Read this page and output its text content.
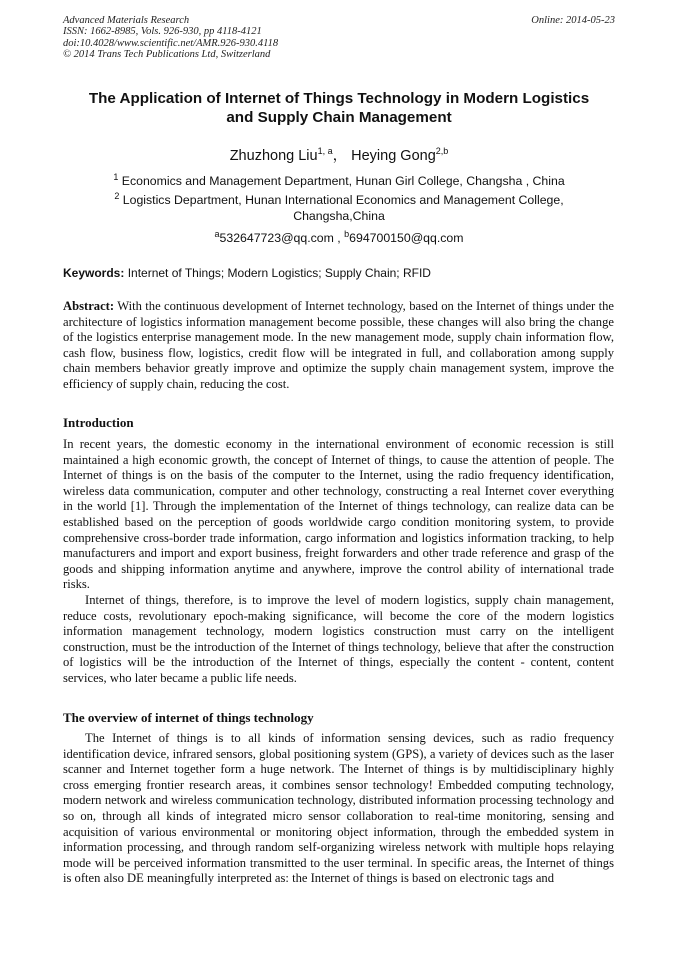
Advanced Materials Research
ISSN: 1662-8985, Vols. 926-930, pp 4118-4121
doi:10.4028/www.scientific.net/AMR.926-930.4118
© 2014 Trans Tech Publications Ltd, Switzerland
Online: 2014-05-23
The Application of Internet of Things Technology in Modern Logistics
and Supply Chain Management
Zhuzhong Liu$^{1, a}$， Heying Gong$^{2,b}$
$^1$ Economics and Management Department, Hunan Girl College, Changsha , China
$^2$ Logistics Department, Hunan International Economics and Management College,
Changsha,China
$^a$532647723@qq.com , $^b$694700150@qq.com
Keywords: Internet of Things; Modern Logistics; Supply Chain; RFID

Abstract: With the continuous development of Internet technology, based on the Internet of things under the architecture of logistics information management become possible, these changes will also bring the change of the logistics enterprise management mode. In the new management mode, supply chain information flow, cash flow, business flow, logistics, credit flow will be integrated in full, and collaboration among supply chain members behavior greatly improve and optimize the supply chain management system, improve the efficiency of supply chain, reducing the cost.

Introduction

In recent years, the domestic economy in the international environment of economic recession is still maintained a high economic growth, the concept of Internet of things, to cause the attention of people. The Internet of things is on the basis of the computer to the Internet, using the radio frequency identification, wireless data communication, computer and other technology, constructing a real Internet cover everything in the world [1]. Through the implementation of the Internet of things technology, can realize data can be established based on the perception of goods worldwide cargo condition monitoring system, to provide comprehensive cross-border trade information, cargo information and logistics information tracking, to help manufacturers and import and export business, freight forwarders and other trade reference and grasp of the goods and shipping information anytime and anywhere, improve the control ability of international trade risks.

Internet of things, therefore, is to improve the level of modern logistics, supply chain management, reduce costs, revolutionary epoch-making significance, will become the core of the modern logistics information management technology, modern logistics construction must carry on the intelligent construction, must be the introduction of the Internet of things technology, believe that after the construction of logistics will be the introduction of the Internet of things, especially the content - content, content services, who later became a public life needs.

The overview of internet of things technology

The Internet of things is to all kinds of information sensing devices, such as radio frequency identification device, infrared sensors, global positioning system (GPS), a variety of devices such as the laser scanner and Internet together form a huge network. The Internet of things is by multidisciplinary highly cross emerging frontier research areas, it combines sensor technology! Embedded computing technology, modern network and wireless communication technology, distributed information processing technology and so on, through all kinds of integrated micro sensor collaboration to real-time monitoring, sensing and acquisition of various environmental or monitoring object information, through the embedded system in information processing, and through random self-organizing wireless network with multiple hops relaying mode will be perceived information transmitted to the user terminal. In specific areas, the Internet of things is often also DE meaningfully interpreted as: the Internet of things is based on electronic tags and
